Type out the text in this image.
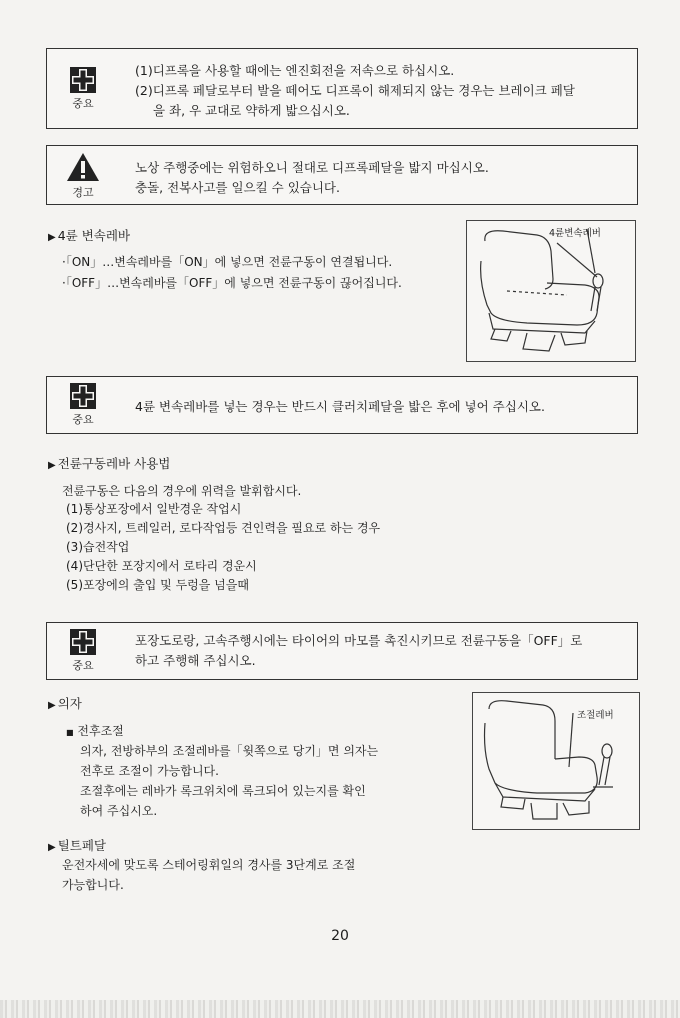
중요
(1)디프록을 사용할 때에는 엔진회전을 저속으로 하십시오.
(2)디프록 페달로부터 발을 떼어도 디프록이 해제되지 않는 경우는 브레이크 페달
을 좌, 우 교대로 약하게 밟으십시오.
경고
노상 주행중에는 위험하오니 절대로 디프록페달을 밟지 마십시오.
충돌, 전복사고를 일으킬 수 있습니다.
▶ 4륜 변속레바
·「ON」…변속레바를「ON」에 넣으면 전륜구동이 연결됩니다.
·「OFF」…변속레바를「OFF」에 넣으면 전륜구동이 끊어집니다.
4륜변속레버
중요
4륜 변속레바를 넣는 경우는 반드시 클러치페달을 밟은 후에 넣어 주십시오.
▶ 전륜구동레바 사용법
전륜구동은 다음의 경우에 위력을 발휘합시다.
(1)통상포장에서 일반경운 작업시
(2)경사지, 트레일러, 로다작업등 견인력을 필요로 하는 경우
(3)습전작업
(4)단단한 포장지에서 로타리 경운시
(5)포장에의 출입 및 두렁을 넘을때
중요
포장도로랑, 고속주행시에는 타이어의 마모를 촉진시키므로 전륜구동을「OFF」로
하고 주행해 주십시오.
▶ 의자
■ 전후조절
의자, 전방하부의 조절레바를「윗쪽으로 당기」면 의자는
전후로 조절이 가능합니다.
조절후에는 레바가 록크위치에 록크되어 있는지를 확인
하여 주십시오.
조절레버
▶ 틸트페달
운전자세에 맞도록 스테어링휘일의 경사를 3단계로 조절
가능합니다.
20
